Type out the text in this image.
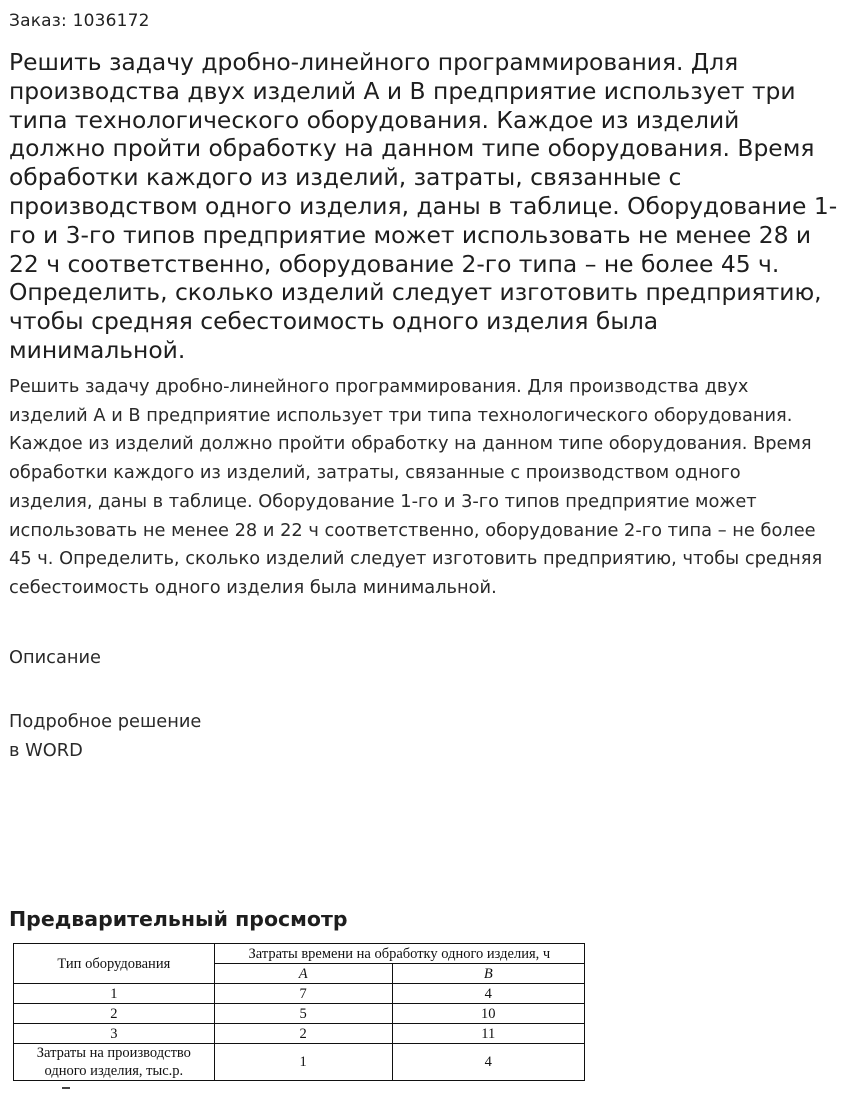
Заказ: 1036172
Решить задачу дробно-линейного программирования. Для производства двух изделий A и B предприятие использует три типа технологического оборудования. Каждое из изделий должно пройти обработку на данном типе оборудования. Время обработки каждого из изделий, затраты, связанные с производством одного изделия, даны в таблице. Оборудование 1-го и 3-го типов предприятие может использовать не менее 28 и 22 ч соответственно, оборудование 2-го типа – не более 45 ч. Определить, сколько изделий следует изготовить предприятию, чтобы средняя себестоимость одного изделия была минимальной.

Решить задачу дробно-линейного программирования. Для производства двух изделий A и B предприятие использует три типа технологического оборудования. Каждое из изделий должно пройти обработку на данном типе оборудования. Время обработки каждого из изделий, затраты, связанные с производством одного изделия, даны в таблице. Оборудование 1-го и 3-го типов предприятие может использовать не менее 28 и 22 ч соответственно, оборудование 2-го типа – не более 45 ч. Определить, сколько изделий следует изготовить предприятию, чтобы средняя себестоимость одного изделия была минимальной.

Описание
Подробное решение
в WORD
Предварительный просмотр
Тип оборудования	Затраты времени на обработку одного изделия, ч	
	A	B
1	7	4
2	5	10
3	2	11
Затраты на производство одного изделия, тыс.р.	1	4
